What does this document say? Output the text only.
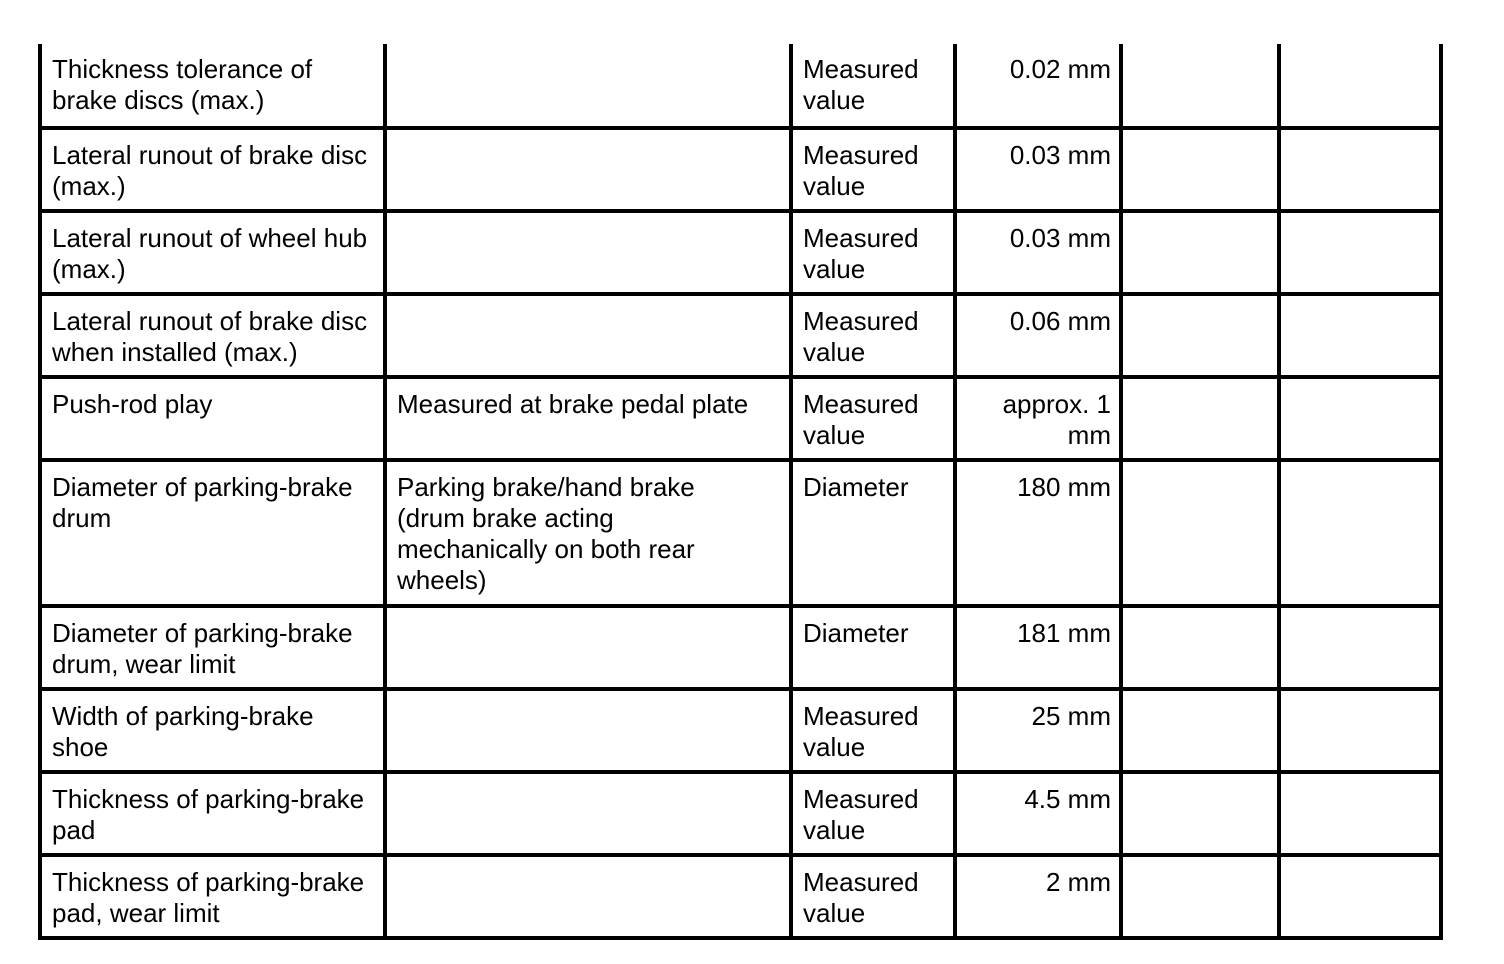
Thickness tolerance of brake discs (max.)		Measured value	0.02 mm		

Lateral runout of brake disc (max.)		Measured value	0.03 mm		

Lateral runout of wheel hub (max.)		Measured value	0.03 mm		

Lateral runout of brake disc when installed (max.)		Measured value	0.06 mm		

Push-rod play	Measured at brake pedal plate	Measured value	approx. 1 mm		

Diameter of parking-brake drum	Parking brake/hand brake (drum brake acting mechanically on both rear wheels)	Diameter	180 mm		

Diameter of parking-brake drum, wear limit		Diameter	181 mm		

Width of parking-brake shoe		Measured value	25 mm		

Thickness of parking-brake pad		Measured value	4.5 mm		

Thickness of parking-brake pad, wear limit		Measured value	2 mm		
